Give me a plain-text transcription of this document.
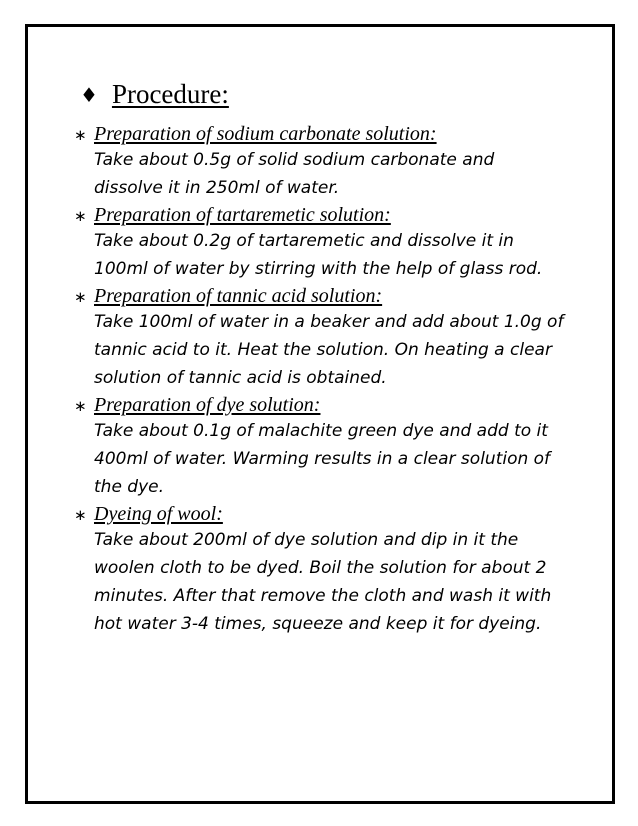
♦ Procedure:
∗ Preparation of sodium carbonate solution:
Take about 0.5g of solid sodium carbonate and dissolve it in 250ml of water.
∗ Preparation of tartaremetic solution:
Take about 0.2g of tartaremetic and dissolve it in 100ml of water by stirring with the help of glass rod.
∗ Preparation of tannic acid solution:
Take 100ml of water in a beaker and add about 1.0g of tannic acid to it. Heat the solution. On heating a clear solution of tannic acid is obtained.
∗ Preparation of dye solution:
Take about 0.1g of malachite green dye and add to it 400ml of water. Warming results in a clear solution of the dye.
∗ Dyeing of wool:
Take about 200ml of dye solution and dip in it the woolen cloth to be dyed. Boil the solution for about 2 minutes. After that remove the cloth and wash it with hot water 3-4 times, squeeze and keep it for dyeing.
